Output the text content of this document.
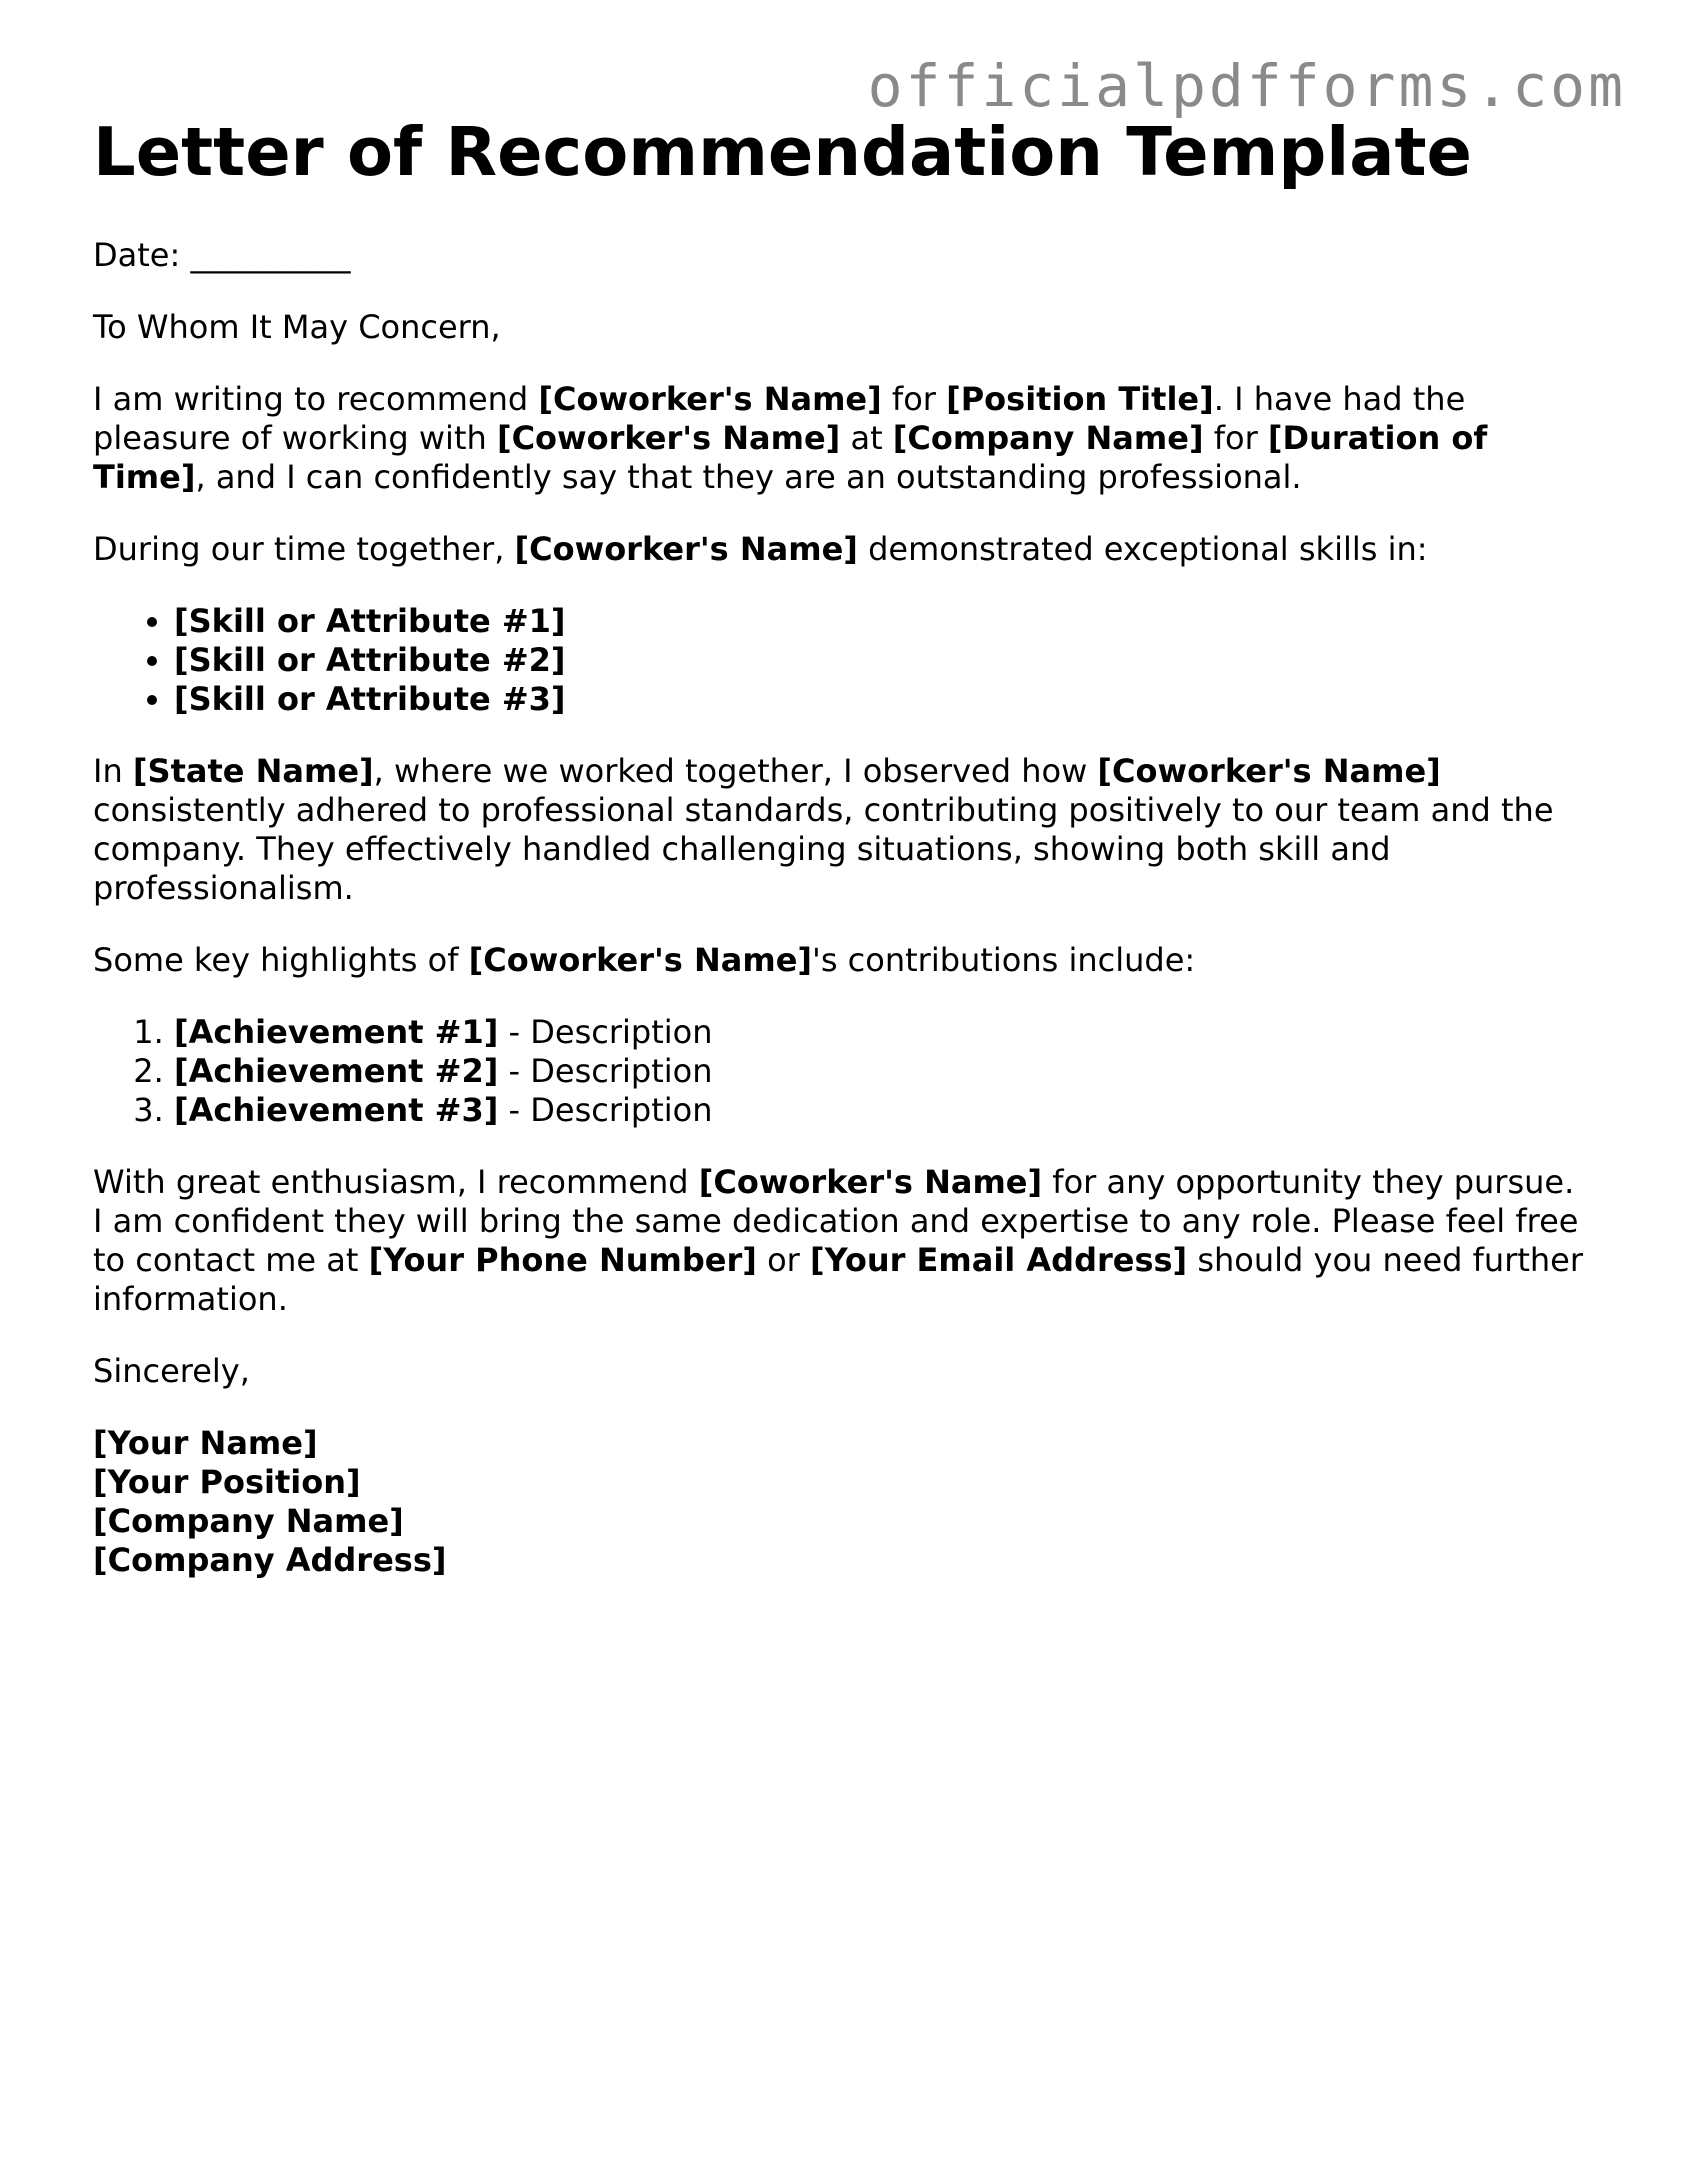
officialpdfforms.com
Letter of Recommendation Template

Date: __________

To Whom It May Concern,

I am writing to recommend [Coworker's Name] for [Position Title]. I have had the pleasure of working with [Coworker's Name] at [Company Name] for [Duration of Time], and I can confidently say that they are an outstanding professional.

During our time together, [Coworker's Name] demonstrated exceptional skills in:

• [Skill or Attribute #1]
• [Skill or Attribute #2]
• [Skill or Attribute #3]

In [State Name], where we worked together, I observed how [Coworker's Name] consistently adhered to professional standards, contributing positively to our team and the company. They effectively handled challenging situations, showing both skill and professionalism.

Some key highlights of [Coworker's Name]'s contributions include:

1. [Achievement #1] - Description
2. [Achievement #2] - Description
3. [Achievement #3] - Description

With great enthusiasm, I recommend [Coworker's Name] for any opportunity they pursue. I am confident they will bring the same dedication and expertise to any role. Please feel free to contact me at [Your Phone Number] or [Your Email Address] should you need further information.

Sincerely,

[Your Name]
[Your Position]
[Company Name]
[Company Address]
